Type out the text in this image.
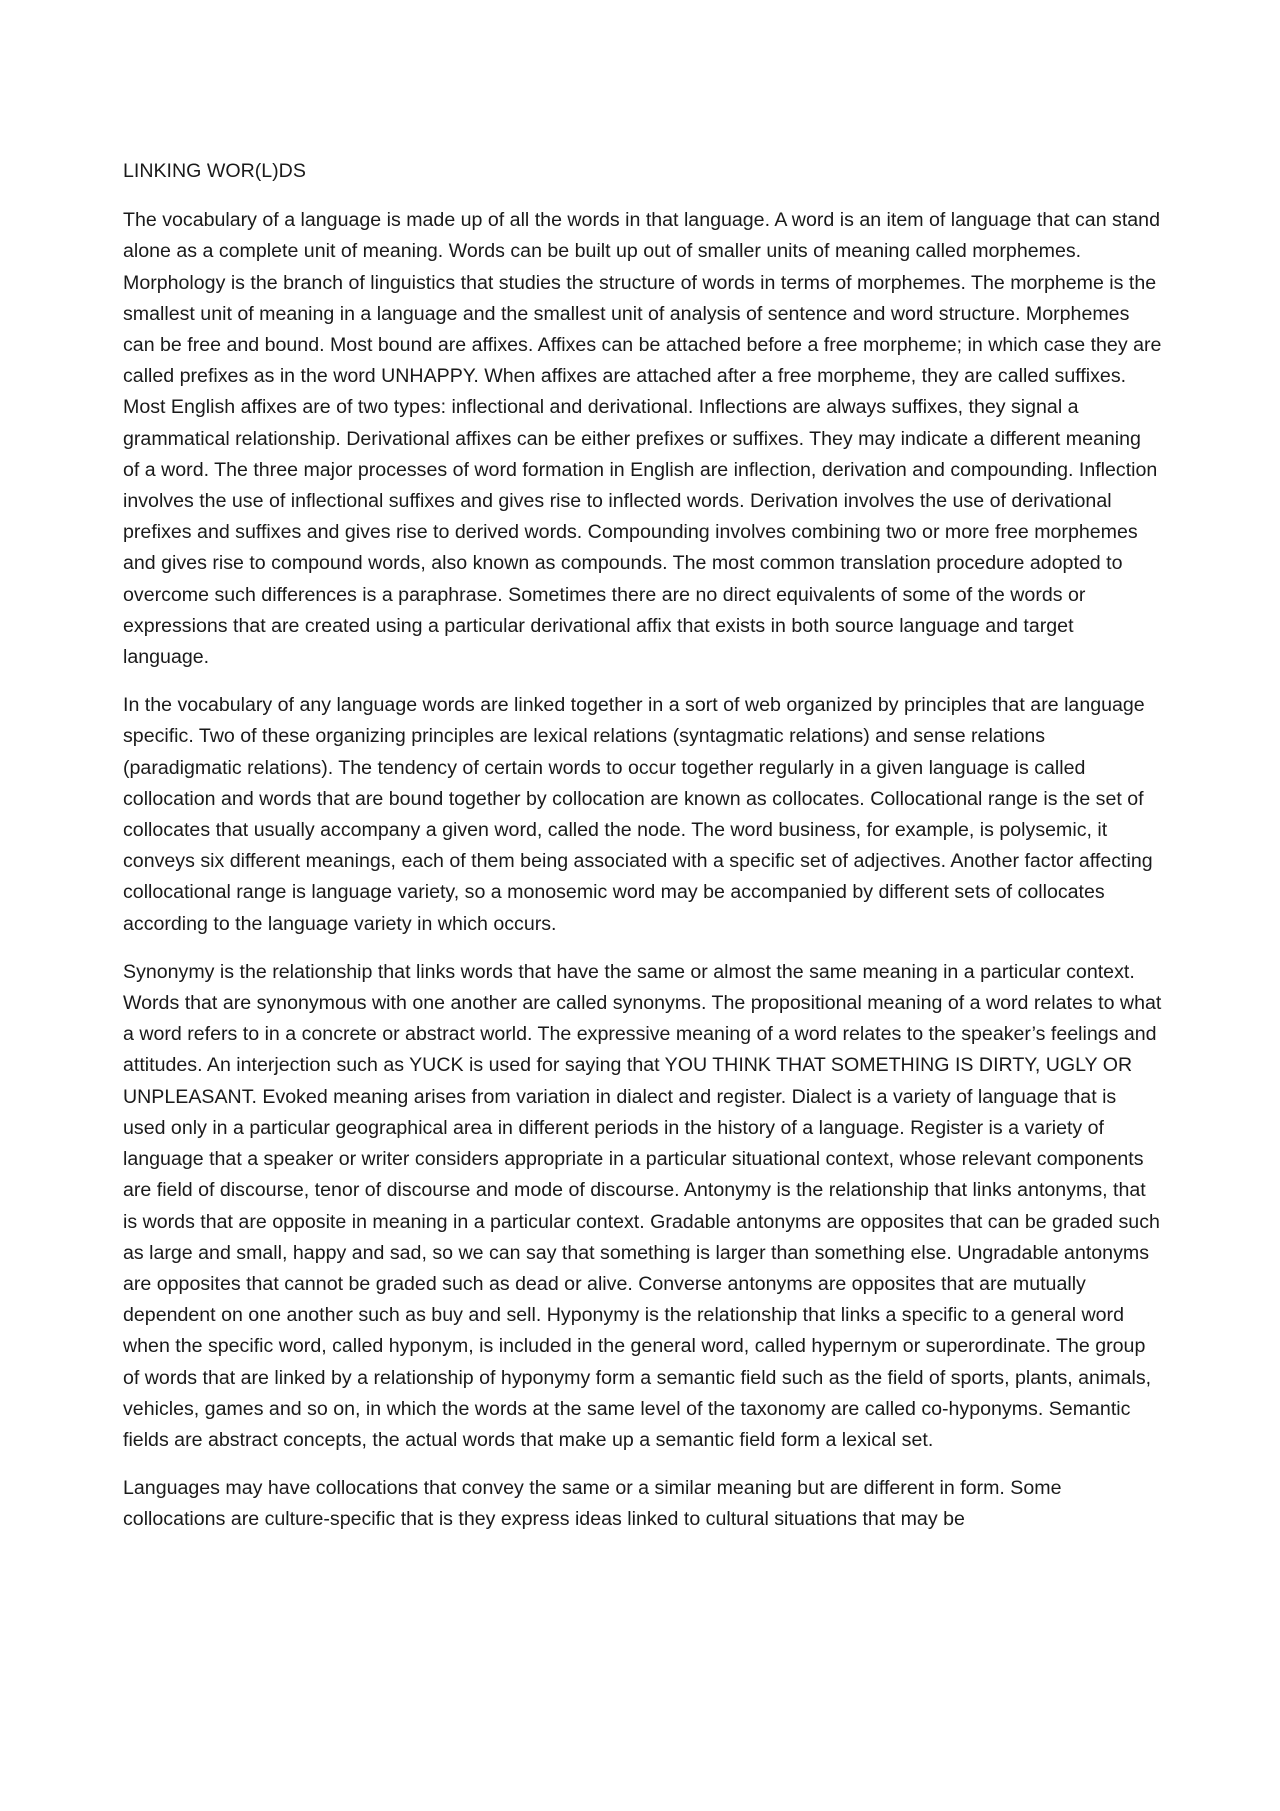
LINKING WOR(L)DS

The vocabulary of a language is made up of all the words in that language. A word is an item of language that can stand alone as a complete unit of meaning. Words can be built up out of smaller units of meaning called morphemes. Morphology is the branch of linguistics that studies the structure of words in terms of morphemes. The morpheme is the smallest unit of meaning in a language and the smallest unit of analysis of sentence and word structure. Morphemes can be free and bound. Most bound are affixes. Affixes can be attached before a free morpheme; in which case they are called prefixes as in the word UNHAPPY. When affixes are attached after a free morpheme, they are called suffixes. Most English affixes are of two types: inflectional and derivational. Inflections are always suffixes, they signal a grammatical relationship. Derivational affixes can be either prefixes or suffixes. They may indicate a different meaning of a word. The three major processes of word formation in English are inflection, derivation and compounding. Inflection involves the use of inflectional suffixes and gives rise to inflected words. Derivation involves the use of derivational prefixes and suffixes and gives rise to derived words. Compounding involves combining two or more free morphemes and gives rise to compound words, also known as compounds. The most common translation procedure adopted to overcome such differences is a paraphrase. Sometimes there are no direct equivalents of some of the words or expressions that are created using a particular derivational affix that exists in both source language and target language.

In the vocabulary of any language words are linked together in a sort of web organized by principles that are language specific. Two of these organizing principles are lexical relations (syntagmatic relations) and sense relations (paradigmatic relations). The tendency of certain words to occur together regularly in a given language is called collocation and words that are bound together by collocation are known as collocates. Collocational range is the set of collocates that usually accompany a given word, called the node. The word business, for example, is polysemic, it conveys six different meanings, each of them being associated with a specific set of adjectives. Another factor affecting collocational range is language variety, so a monosemic word may be accompanied by different sets of collocates according to the language variety in which occurs.

Synonymy is the relationship that links words that have the same or almost the same meaning in a particular context. Words that are synonymous with one another are called synonyms. The propositional meaning of a word relates to what a word refers to in a concrete or abstract world. The expressive meaning of a word relates to the speaker’s feelings and attitudes. An interjection such as YUCK is used for saying that YOU THINK THAT SOMETHING IS DIRTY, UGLY OR UNPLEASANT. Evoked meaning arises from variation in dialect and register. Dialect is a variety of language that is used only in a particular geographical area in different periods in the history of a language. Register is a variety of language that a speaker or writer considers appropriate in a particular situational context, whose relevant components are field of discourse, tenor of discourse and mode of discourse. Antonymy is the relationship that links antonyms, that is words that are opposite in meaning in a particular context. Gradable antonyms are opposites that can be graded such as large and small, happy and sad, so we can say that something is larger than something else. Ungradable antonyms are opposites that cannot be graded such as dead or alive. Converse antonyms are opposites that are mutually dependent on one another such as buy and sell. Hyponymy is the relationship that links a specific to a general word when the specific word, called hyponym, is included in the general word, called hypernym or superordinate. The group of words that are linked by a relationship of hyponymy form a semantic field such as the field of sports, plants, animals, vehicles, games and so on, in which the words at the same level of the taxonomy are called co-hyponyms. Semantic fields are abstract concepts, the actual words that make up a semantic field form a lexical set.

Languages may have collocations that convey the same or a similar meaning but are different in form. Some collocations are culture-specific that is they express ideas linked to cultural situations that may be
